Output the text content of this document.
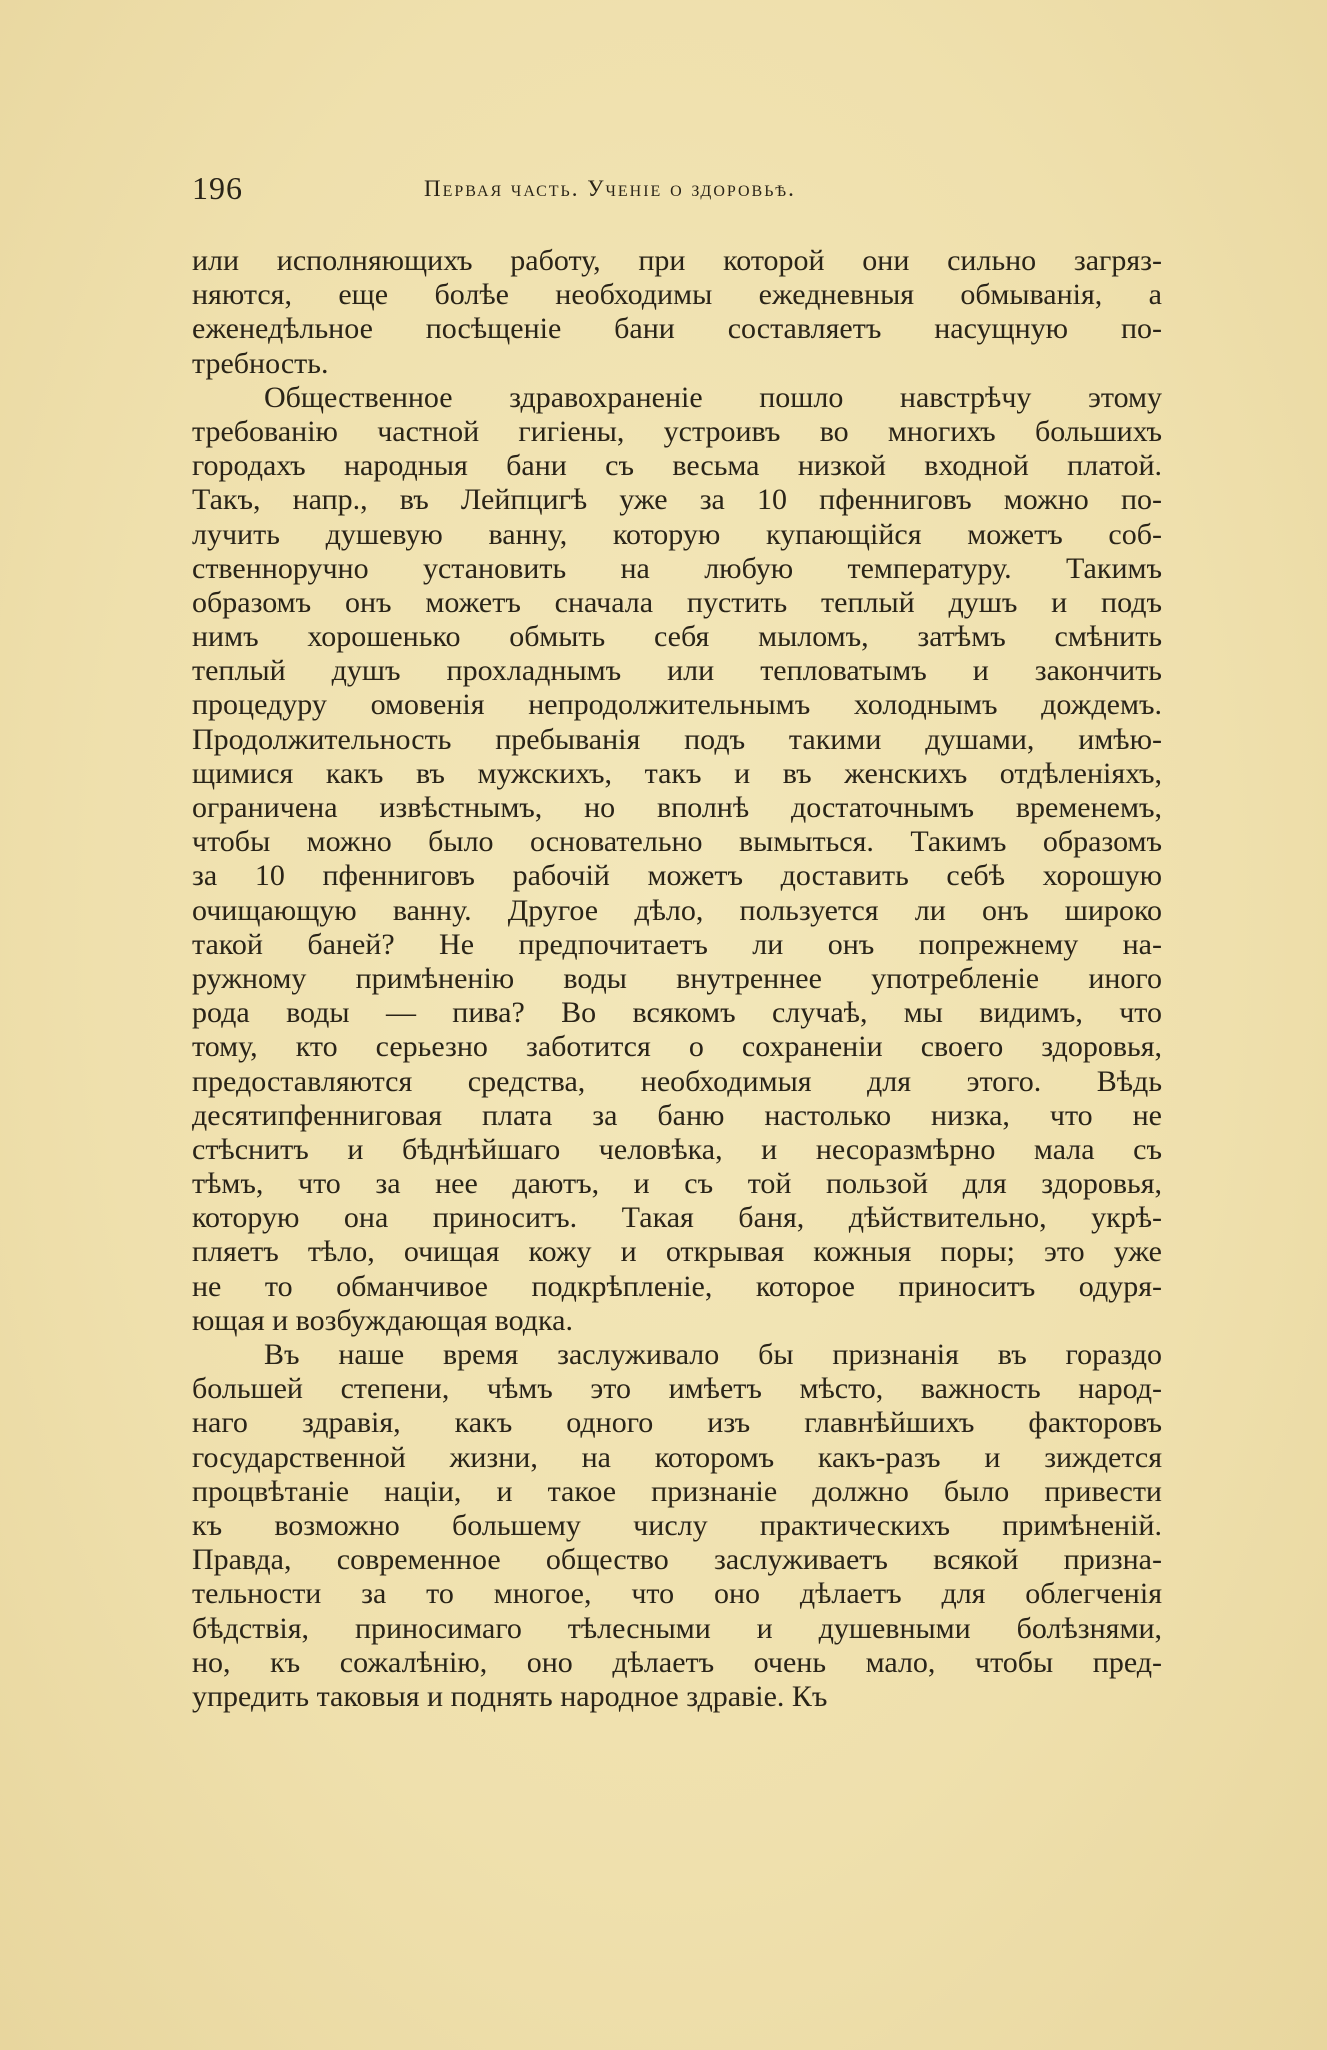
196	Первая часть. Ученіе о здоровьѣ.
или исполняющихъ работу, при которой они сильно загряз-
няются, еще болѣе необходимы ежедневныя обмыванія, а
еженедѣльное посѣщеніе бани составляетъ насущную по-
требность.
Общественное здравохраненіе пошло навстрѣчу этому
требованію частной гигіены, устроивъ во многихъ большихъ
городахъ народныя бани съ весьма низкой входной платой.
Такъ, напр., въ Лейпцигѣ уже за 10 пфенниговъ можно по-
лучить душевую ванну, которую купающійся можетъ соб-
ственноручно установить на любую температуру. Такимъ
образомъ онъ можетъ сначала пустить теплый душъ и подъ
нимъ хорошенько обмыть себя мыломъ, затѣмъ смѣнить
теплый душъ прохладнымъ или тепловатымъ и закончить
процедуру омовенія непродолжительнымъ холоднымъ дождемъ.
Продолжительность пребыванія подъ такими душами, имѣю-
щимися какъ въ мужскихъ, такъ и въ женскихъ отдѣленіяхъ,
ограничена извѣстнымъ, но вполнѣ достаточнымъ временемъ,
чтобы можно было основательно вымыться. Такимъ образомъ
за 10 пфенниговъ рабочій можетъ доставить себѣ хорошую
очищающую ванну. Другое дѣло, пользуется ли онъ широко
такой баней? Не предпочитаетъ ли онъ попрежнему на-
ружному примѣненію воды внутреннее употребленіе иного
рода воды — пива? Во всякомъ случаѣ, мы видимъ, что
тому, кто серьезно заботится о сохраненіи своего здоровья,
предоставляются средства, необходимыя для этого. Вѣдь
десятипфенниговая плата за баню настолько низка, что не
стѣснитъ и бѣднѣйшаго человѣка, и несоразмѣрно мала съ
тѣмъ, что за нее даютъ, и съ той пользой для здоровья,
которую она приноситъ. Такая баня, дѣйствительно, укрѣ-
пляетъ тѣло, очищая кожу и открывая кожныя поры; это уже
не то обманчивое подкрѣпленіе, которое приноситъ одуря-
ющая и возбуждающая водка.
Въ наше время заслуживало бы признанія въ гораздо
большей степени, чѣмъ это имѣетъ мѣсто, важность народ-
наго здравія, какъ одного изъ главнѣйшихъ факторовъ
государственной жизни, на которомъ какъ-разъ и зиждется
процвѣтаніе націи, и такое признаніе должно было привести
къ возможно большему числу практическихъ примѣненій.
Правда, современное общество заслуживаетъ всякой призна-
тельности за то многое, что оно дѣлаетъ для облегченія
бѣдствія, приносимаго тѣлесными и душевными болѣзнями,
но, къ сожалѣнію, оно дѣлаетъ очень мало, чтобы пред-
упредить таковыя и поднять народное здравіе. Къ
